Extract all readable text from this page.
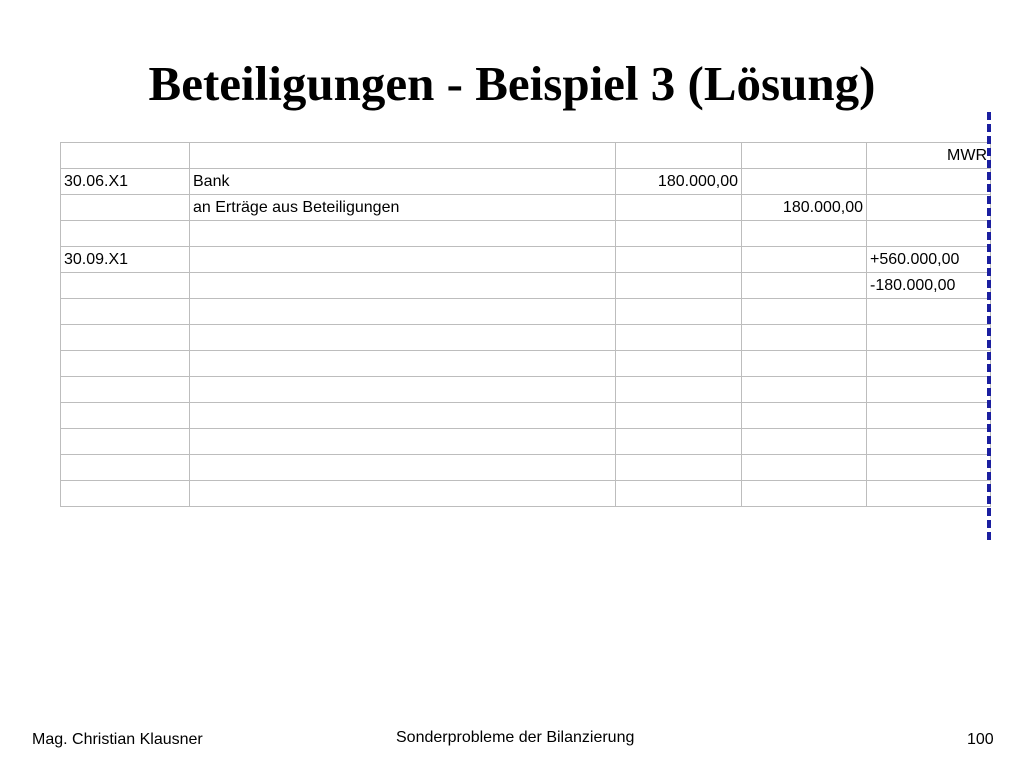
Beteiligungen - Beispiel 3 (Lösung)
				MWR
30.06.X1	Bank	180.000,00		
	an Erträge aus Beteiligungen		180.000,00	

30.09.X1				+560.000,00
				-180.000,00

Mag. Christian Klausner	Sonderprobleme der Bilanzierung	100
